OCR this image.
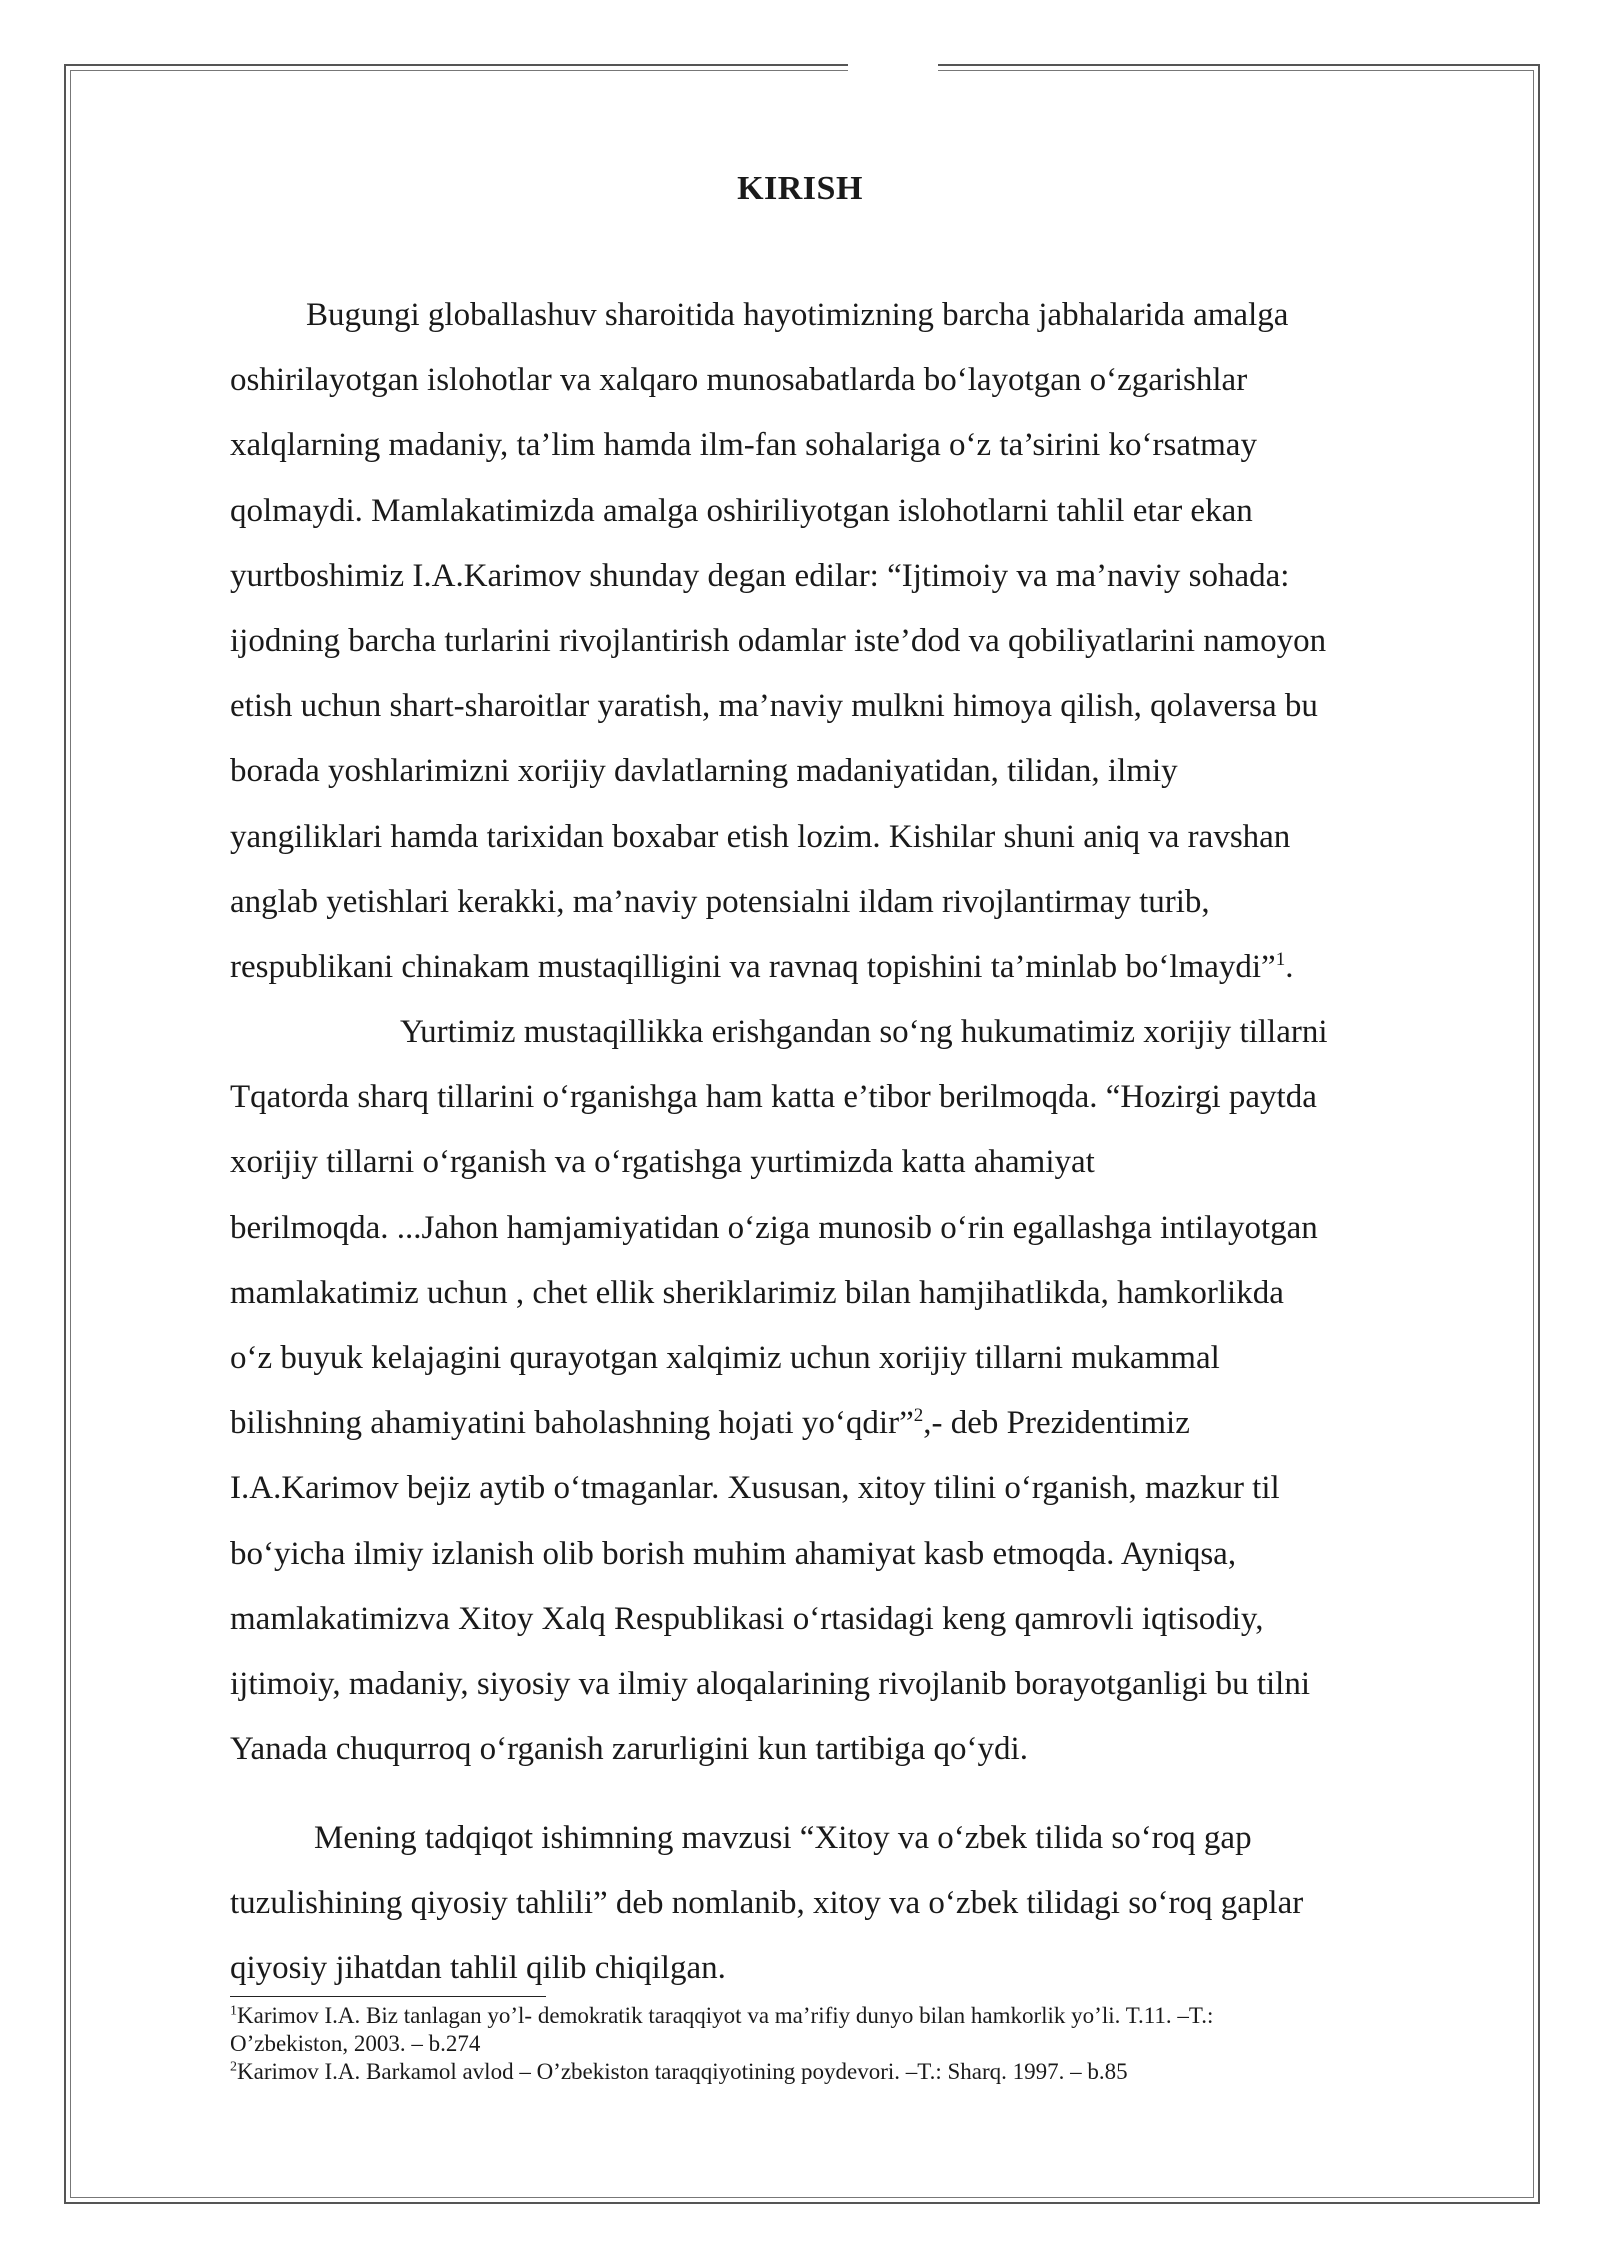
KIRISH
Bugungi globallashuv sharoitida hayotimizning barcha jabhalarida amalga
oshirilayotgan islohotlar va xalqaro munosabatlarda bo‘layotgan o‘zgarishlar
xalqlarning madaniy, ta’lim hamda ilm-fan sohalariga o‘z ta’sirini ko‘rsatmay
qolmaydi. Mamlakatimizda amalga oshiriliyotgan islohotlarni tahlil etar ekan
yurtboshimiz I.A.Karimov shunday degan edilar: “Ijtimoiy va ma’naviy sohada:
ijodning barcha turlarini rivojlantirish odamlar iste’dod va qobiliyatlarini namoyon
etish uchun shart-sharoitlar yaratish, ma’naviy mulkni himoya qilish, qolaversa bu
borada yoshlarimizni xorijiy davlatlarning madaniyatidan, tilidan, ilmiy
yangiliklari hamda tarixidan boxabar etish lozim. Kishilar shuni aniq va ravshan
anglab yetishlari kerakki, ma’naviy potensialni ildam rivojlantirmay turib,
respublikani chinakam mustaqilligini va ravnaq topishini ta’minlab bo‘lmaydi”$^1$.
Yurtimiz mustaqillikka erishgandan so‘ng hukumatimiz xorijiy tillarni
Tqatorda sharq tillarini o‘rganishga ham katta e’tibor berilmoqda. “Hozirgi paytda
xorijiy tillarni o‘rganish va o‘rgatishga yurtimizda katta ahamiyat
berilmoqda. ...Jahon hamjamiyatidan o‘ziga munosib o‘rin egallashga intilayotgan
mamlakatimiz uchun , chet ellik sheriklarimiz bilan hamjihatlikda, hamkorlikda
o‘z buyuk kelajagini qurayotgan xalqimiz uchun xorijiy tillarni mukammal
bilishning ahamiyatini baholashning hojati yo‘qdir”$^2$,- deb Prezidentimiz
I.A.Karimov bejiz aytib o‘tmaganlar. Xususan, xitoy tilini o‘rganish, mazkur til
bo‘yicha ilmiy izlanish olib borish muhim ahamiyat kasb etmoqda. Ayniqsa,
mamlakatimizva Xitoy Xalq Respublikasi o‘rtasidagi keng qamrovli iqtisodiy,
ijtimoiy, madaniy, siyosiy va ilmiy aloqalarining rivojlanib borayotganligi bu tilni
Yanada chuqurroq o‘rganish zarurligini kun tartibiga qo‘ydi.
Mening tadqiqot ishimning mavzusi “Xitoy va o‘zbek tilida so‘roq gap
tuzulishining qiyosiy tahlili” deb nomlanib, xitoy va o‘zbek tilidagi so‘roq gaplar
qiyosiy jihatdan tahlil qilib chiqilgan.
$^1$Karimov I.A. Biz tanlagan yo’l- demokratik taraqqiyot va ma’rifiy dunyo bilan hamkorlik yo’li. T.11. –T.:
O’zbekiston, 2003. – b.274
$^2$Karimov I.A. Barkamol avlod – O’zbekiston taraqqiyotining poydevori. –T.: Sharq. 1997. – b.85
